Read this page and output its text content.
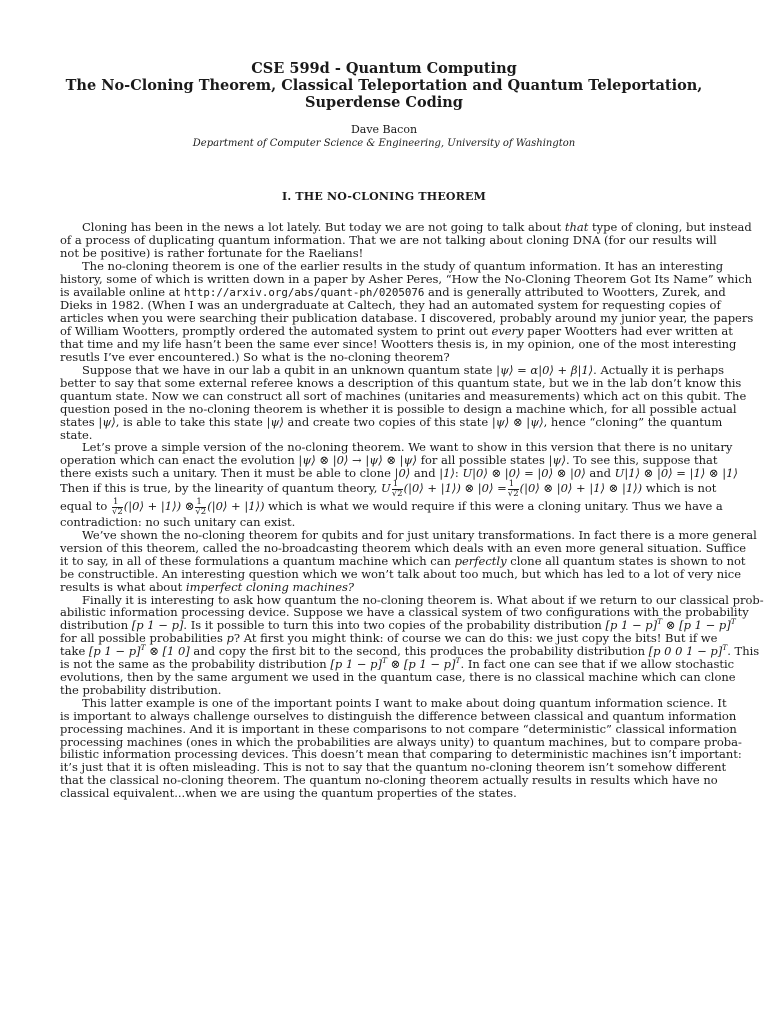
CSE 599d - Quantum Computing
The No-Cloning Theorem, Classical Teleportation and Quantum Teleportation,
Superdense Coding
Dave Bacon
Department of Computer Science & Engineering, University of Washington
I. THE NO-CLONING THEOREM
Cloning has been in the news a lot lately. But today we are not going to talk about that type of cloning, but instead
of a process of duplicating quantum information. That we are not talking about cloning DNA (for our results will
not be positive) is rather fortunate for the Raelians!
The no-cloning theorem is one of the earlier results in the study of quantum information. It has an interesting
history, some of which is written down in a paper by Asher Peres, “How the No-Cloning Theorem Got Its Name” which
is available online at http://arxiv.org/abs/quant-ph/0205076 and is generally attributed to Wootters, Zurek, and
Dieks in 1982. (When I was an undergraduate at Caltech, they had an automated system for requesting copies of
articles when you were searching their publication database. I discovered, probably around my junior year, the papers
of William Wootters, promptly ordered the automated system to print out every paper Wootters had ever written at
that time and my life hasn’t been the same ever since! Wootters thesis is, in my opinion, one of the most interesting
resutls I’ve ever encountered.) So what is the no-cloning theorem?
Suppose that we have in our lab a qubit in an unknown quantum state |ψ⟩ = α|0⟩ + β|1⟩. Actually it is perhaps
better to say that some external referee knows a description of this quantum state, but we in the lab don’t know this
quantum state. Now we can construct all sort of machines (unitaries and measurements) which act on this qubit. The
question posed in the no-cloning theorem is whether it is possible to design a machine which, for all possible actual
states |ψ⟩, is able to take this state |ψ⟩ and create two copies of this state |ψ⟩ ⊗ |ψ⟩, hence “cloning” the quantum
state.
Let’s prove a simple version of the no-cloning theorem. We want to show in this version that there is no unitary
operation which can enact the evolution |ψ⟩ ⊗ |0⟩ → |ψ⟩ ⊗ |ψ⟩ for all possible states |ψ⟩. To see this, suppose that
there exists such a unitary. Then it must be able to clone |0⟩ and |1⟩: U|0⟩ ⊗ |0⟩ = |0⟩ ⊗ |0⟩ and U|1⟩ ⊗ |0⟩ = |1⟩ ⊗ |1⟩
Then if this is true, by the linearity of quantum theory, U $\frac{1}{√2}$ (|0⟩ + |1⟩) ⊗ |0⟩ = $\frac{1}{√2}$ (|0⟩ ⊗ |0⟩ + |1⟩ ⊗ |1⟩) which is not
equal to $\frac{1}{√2}$ (|0⟩ + |1⟩) ⊗ $\frac{1}{√2}$ (|0⟩ + |1⟩) which is what we would require if this were a cloning unitary. Thus we have a
contradiction: no such unitary can exist.
We’ve shown the no-cloning theorem for qubits and for just unitary transformations. In fact there is a more general
version of this theorem, called the no-broadcasting theorem which deals with an even more general situation. Suffice
it to say, in all of these formulations a quantum machine which can perfectly clone all quantum states is shown to not
be constructible. An interesting question which we won’t talk about too much, but which has led to a lot of very nice
results is what about imperfect cloning machines?
Finally it is interesting to ask how quantum the no-cloning theorem is. What about if we return to our classical prob-
abilistic information processing device. Suppose we have a classical system of two configurations with the probability
distribution [p 1 − p]. Is it possible to turn this into two copies of the probability distribution [p 1 − p]$^T$ ⊗ [p 1 − p]$^T$
for all possible probabilities p? At first you might think: of course we can do this: we just copy the bits! But if we
take [p 1 − p]$^T$ ⊗ [1 0] and copy the first bit to the second, this produces the probability distribution [p 0 0 1 − p]$^T$. This
is not the same as the probability distribution [p 1 − p]$^T$ ⊗ [p 1 − p]$^T$. In fact one can see that if we allow stochastic
evolutions, then by the same argument we used in the quantum case, there is no classical machine which can clone
the probability distribution.
This latter example is one of the important points I want to make about doing quantum information science. It
is important to always challenge ourselves to distinguish the difference between classical and quantum information
processing machines. And it is important in these comparisons to not compare “deterministic” classical information
processing machines (ones in which the probabilities are always unity) to quantum machines, but to compare proba-
bilistic information processing devices. This doesn’t mean that comparing to deterministic machines isn’t important:
it’s just that it is often misleading. This is not to say that the quantum no-cloning theorem isn’t somehow different
that the classical no-cloning theorem. The quantum no-cloning theorem actually results in results which have no
classical equivalent...when we are using the quantum properties of the states.
